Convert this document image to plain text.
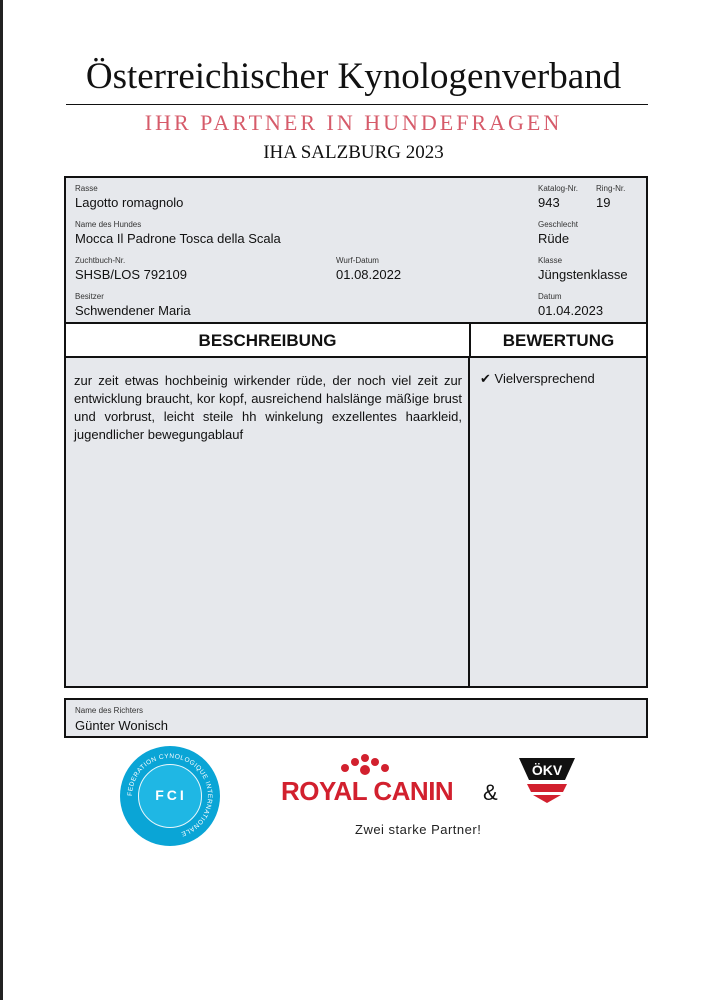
Österreichischer Kynologenverband
IHR PARTNER IN HUNDEFRAGEN
IHA SALZBURG 2023
Rasse
Lagotto romagnolo
Katalog-Nr.
943
Ring-Nr.
19
Name des Hundes
Mocca Il Padrone Tosca della Scala
Geschlecht
Rüde
Zuchtbuch-Nr.
SHSB/LOS 792109
Wurf-Datum
01.08.2022
Klasse
Jüngstenklasse
Besitzer
Schwendener Maria
Datum
01.04.2023
BESCHREIBUNG	BEWERTUNG
zur zeit etwas hochbeinig wirkender rüde, der noch viel zeit zur entwicklung braucht, kor kopf, ausreichend halslänge mäßige brust und vorbrust, leicht steile hh winkelung exzellentes haarkleid, jugendlicher bewegungablauf
✔ Vielversprechend
Name des Richters
Günter Wonisch
FEDERATION CYNOLOGIQUE INTERNATIONALE
FCI	ROYAL CANIN &
ÖKV
Zwei starke Partner!
